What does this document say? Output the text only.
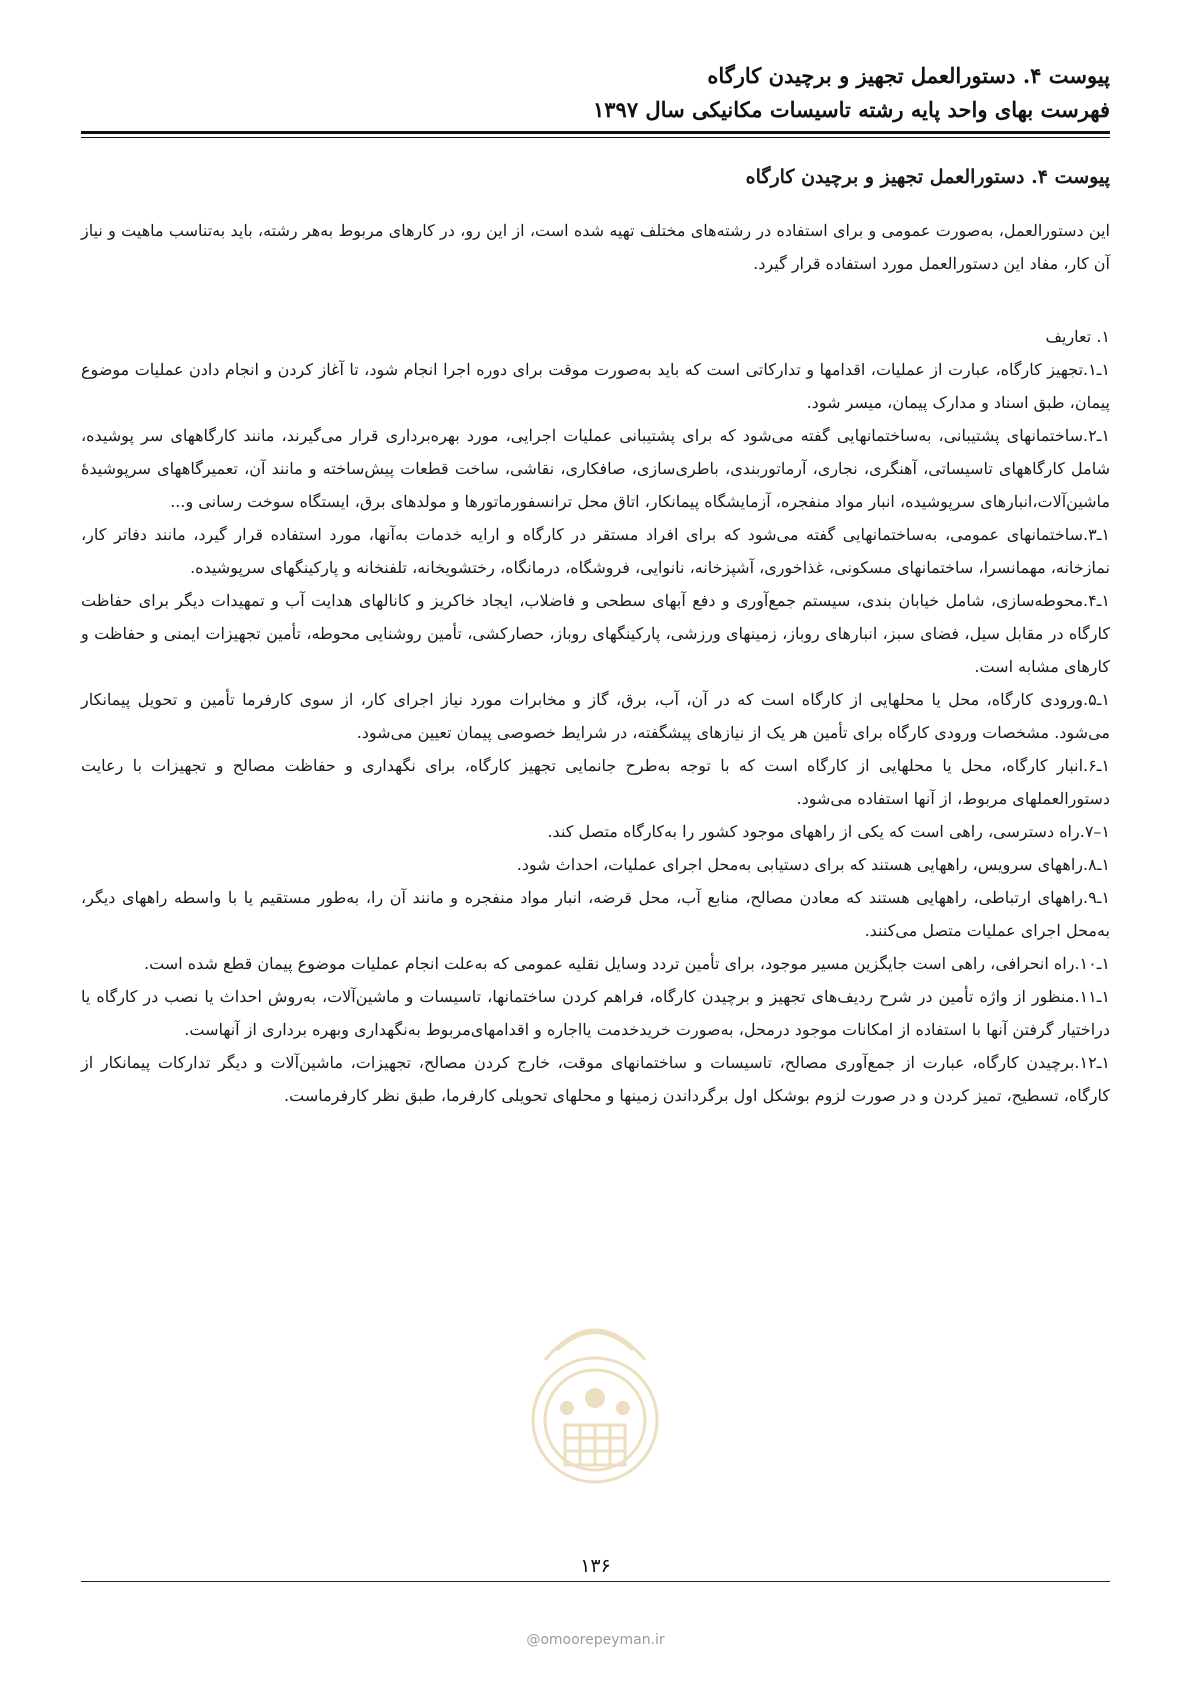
پیوست ۴. دستورالعمل تجهیز و برچیدن کارگاه
فهرست بهای واحد پایه رشته تاسیسات مکانیکی سال ۱۳۹۷
پیوست ۴. دستورالعمل تجهیز و برچیدن کارگاه

این دستورالعمل، به‌صورت عمومی و برای استفاده در رشته‌های مختلف تهیه شده است، از این رو، در کارهای مربوط به‌هر رشته، باید به‌تناسب ماهیت و نیاز آن کار، مفاد این دستورالعمل مورد استفاده قرار گیرد.

۱. تعاریف

۱ـ۱.تجهیز کارگاه، عبارت از عملیات، اقدامها و تدارکاتی است که باید به‌صورت موقت برای دوره اجرا انجام شود، تا آغاز کردن و انجام دادن عملیات موضوع پیمان، طبق اسناد و مدارک پیمان، میسر شود.

۱ـ۲.ساختمانهای پشتیبانی، به‌ساختمانهایی گفته می‌شود که برای پشتیبانی عملیات اجرایی، مورد بهره‌برداری قرار می‌گیرند، مانند کارگاههای سر پوشیده، شامل کارگاههای تاسیساتی، آهنگری، نجاری، آرماتوربندی، باطری‌سازی، صافکاری، نقاشی، ساخت قطعات پیش‌ساخته و مانند آن، تعمیرگاههای سرپوشیدهٔ ماشین‌آلات،انبارهای سرپوشیده، انبار مواد منفجره، آزمایشگاه پیمانکار، اتاق محل ترانسفورماتورها و مولدهای برق، ایستگاه سوخت رسانی و...

۱ـ۳.ساختمانهای عمومی، به‌ساختمانهایی گفته می‌شود که برای افراد مستقر در کارگاه و ارایه خدمات به‌آنها، مورد استفاده قرار گیرد، مانند دفاتر کار، نمازخانه، مهمانسرا، ساختمانهای مسکونی، غذاخوری، آشپزخانه، نانوایی، فروشگاه، درمانگاه، رختشویخانه، تلفنخانه و پارکینگهای سرپوشیده.

۱ـ۴.محوطه‌سازی، شامل خیابان بندی، سیستم جمع‌آوری و دفع آبهای سطحی و فاضلاب، ایجاد خاکریز و کانالهای هدایت آب و تمهیدات دیگر برای حفاظت کارگاه در مقابل سیل، فضای سبز، انبارهای روباز، زمینهای ورزشی، پارکینگهای روباز، حصارکشی، تأمین روشنایی محوطه، تأمین تجهیزات ایمنی و حفاظت و کارهای مشابه است.

۱ـ۵.ورودی کارگاه، محل یا محلهایی از کارگاه است که در آن، آب، برق، گاز و مخابرات مورد نیاز اجرای کار، از سوی کارفرما تأمین و تحویل پیمانکار می‌شود. مشخصات ورودی کارگاه برای تأمین هر یک از نیازهای پیشگفته، در شرایط خصوصی پیمان تعیین می‌شود.

۱ـ۶.انبار کارگاه، محل یا محلهایی از کارگاه است که با توجه به‌طرح جانمایی تجهیز کارگاه، برای نگهداری و حفاظت مصالح و تجهیزات با رعایت دستورالعملهای مربوط، از آنها استفاده می‌شود.

۱–۷.راه دسترسی، راهی است که یکی از راههای موجود کشور را به‌کارگاه متصل کند.

۱ـ۸.راههای سرویس، راههایی هستند که برای دستیابی به‌محل اجرای عملیات، احداث شود.

۱ـ۹.راههای ارتباطی، راههایی هستند که معادن مصالح، منابع آب، محل قرضه، انبار مواد منفجره و مانند آن را، به‌طور مستقیم یا با واسطه راههای دیگر، به‌محل اجرای عملیات متصل می‌کنند.

۱ـ۱۰.راه انحرافی، راهی است جایگزین مسیر موجود، برای تأمین تردد وسایل نقلیه عمومی که به‌علت انجام عملیات موضوع پیمان قطع شده است.

۱ـ۱۱.منظور از واژه تأمین در شرح ردیف‌های تجهیز و برچیدن کارگاه، فراهم کردن ساختمانها، تاسیسات و ماشین‌آلات، به‌روش احداث یا نصب در کارگاه یا دراختیار گرفتن آنها با استفاده از امکانات موجود درمحل، به‌صورت خریدخدمت یااجاره و اقدامهای‌مربوط به‌نگهداری وبهره برداری از آنهاست.

۱ـ۱۲.برچیدن کارگاه، عبارت از جمع‌آوری مصالح، تاسیسات و ساختمانهای موقت، خارج کردن مصالح، تجهیزات، ماشین‌آلات و دیگر تدارکات پیمانکار از کارگاه، تسطیح، تمیز کردن و در صورت لزوم بوشکل اول برگرداندن زمینها و محلهای تحویلی کارفرما، طبق نظر کارفرماست.

۱۳۶
@omoorepeyman.ir
